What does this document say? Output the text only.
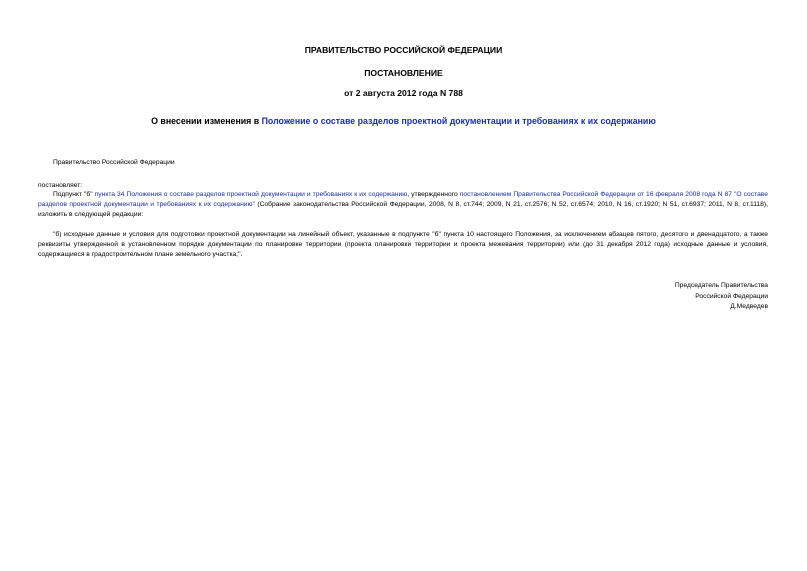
ПРАВИТЕЛЬСТВО РОССИЙСКОЙ ФЕДЕРАЦИИ
ПОСТАНОВЛЕНИЕ
от 2 августа 2012 года N 788
О внесении изменения в Положение о составе разделов проектной документации и требованиях к их содержанию
Правительство Российской Федерации
постановляет:
Подпункт "б" пункта 34 Положения о составе разделов проектной документации и требованиях к их содержанию, утвержденного постановлением Правительства Российской Федерации от 16 февраля 2008 года N 87 "О составе разделов проектной документации и требованиях к их содержанию" (Собрание законодательства Российской Федерации, 2008, N 8, ст.744; 2009, N 21, ст.2576; N 52, ст.6574; 2010, N 16, ст.1920; N 51, ст.6937; 2011, N 8, ст.1118), изложить в следующей редакции:
"б) исходные данные и условия для подготовки проектной документации на линейный объект, указанные в подпункте "б" пункта 10 настоящего Положения, за исключением абзацев пятого, десятого и двенадцатого, а также реквизиты утвержденной в установленном порядке документации по планировке территории (проекта планировки территории и проекта межевания территории) или (до 31 декабря 2012 года) исходные данные и условия, содержащиеся в градостроительном плане земельного участка;".
Председатель Правительства
Российской Федерации
Д.Медведев
